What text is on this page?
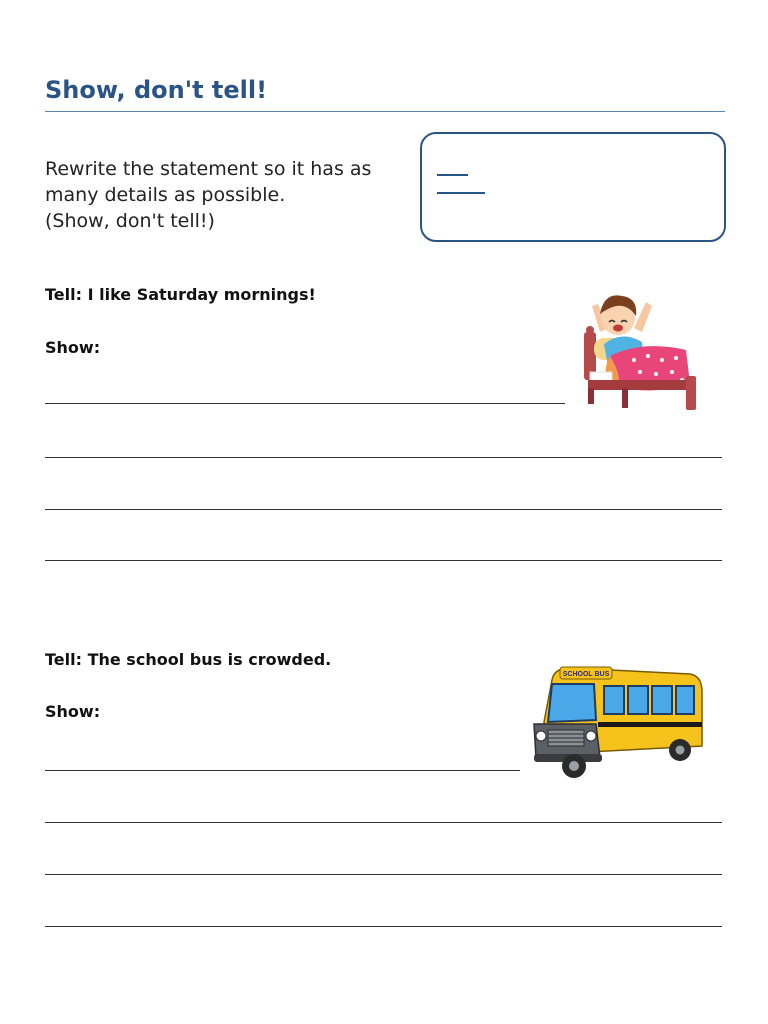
Show, don't tell!
Rewrite the statement so it has as
many details as possible.
(Show, don't tell!)
Tell: I like Saturday mornings!
Show:
Tell: The school bus is crowded.
Show:
SCHOOL BUS
